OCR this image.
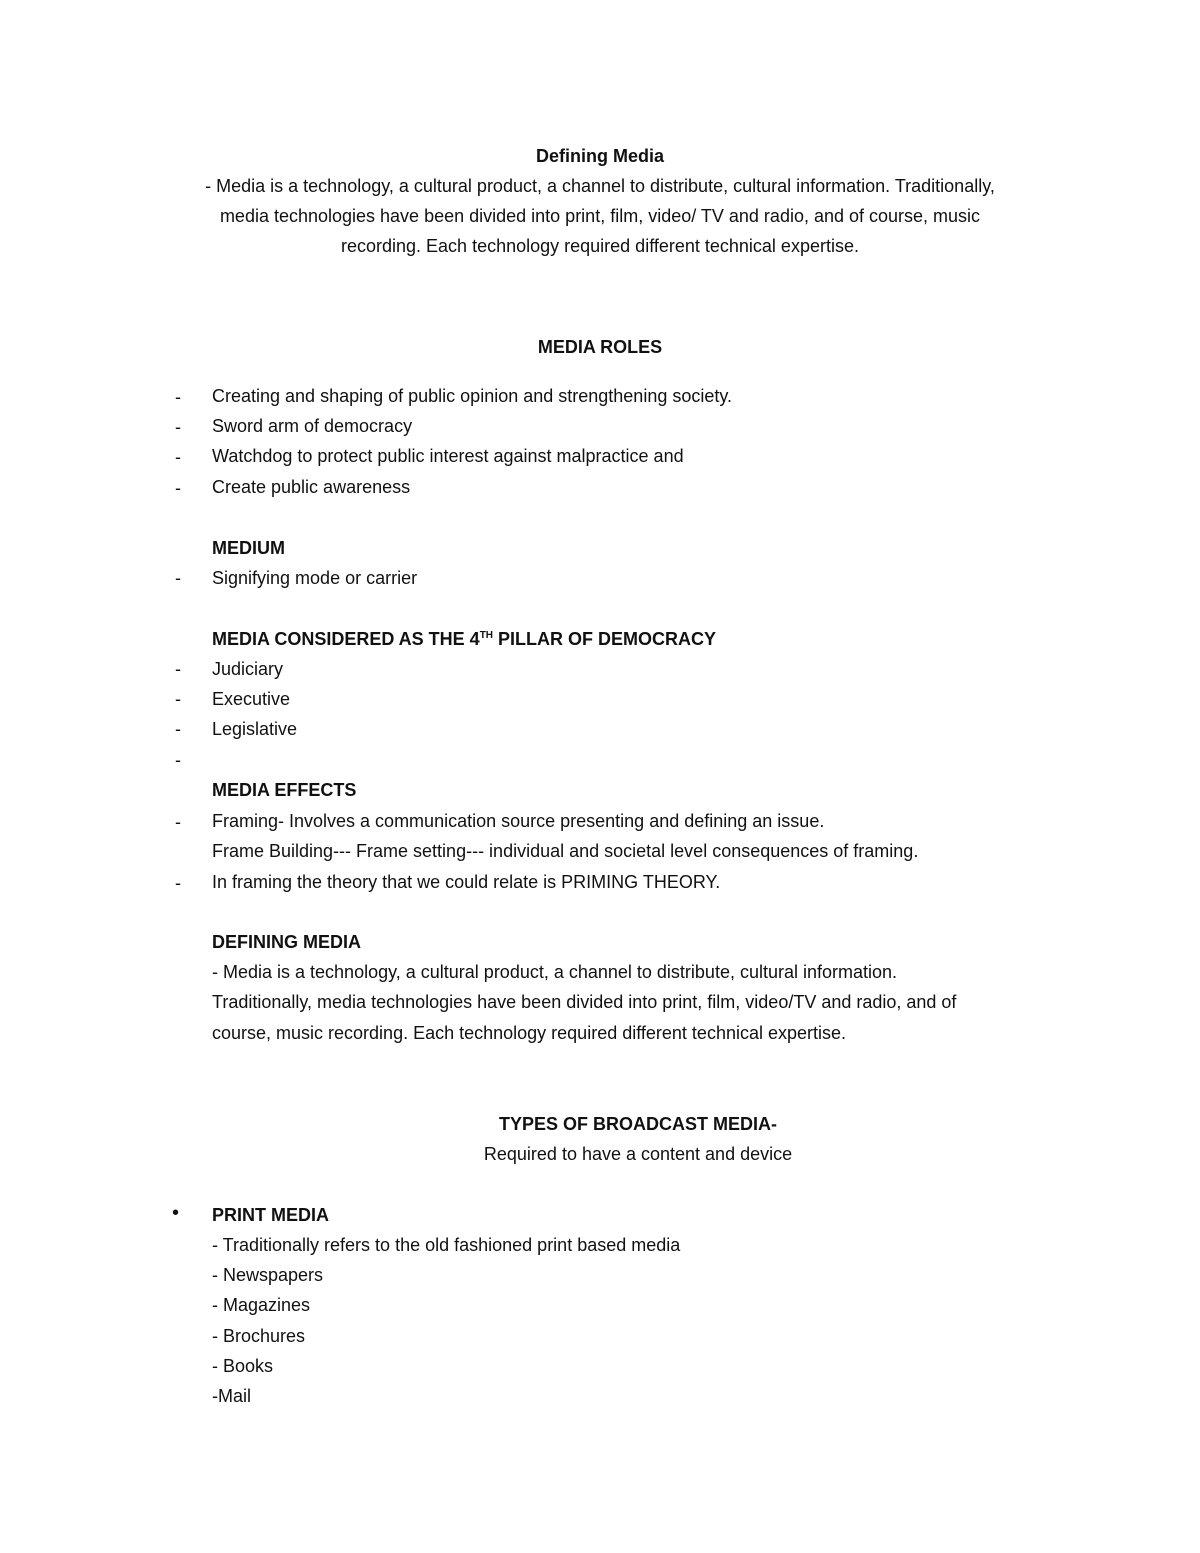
Defining Media
- Media is a technology, a cultural product, a channel to distribute, cultural information. Traditionally,
media technologies have been divided into print, film, video/ TV and radio, and of course, music
recording. Each technology required different technical expertise.
MEDIA ROLES
- Creating and shaping of public opinion and strengthening society.
- Sword arm of democracy
- Watchdog to protect public interest against malpractice and
- Create public awareness
MEDIUM
- Signifying mode or carrier
MEDIA CONSIDERED AS THE 4TH PILLAR OF DEMOCRACY
- Judiciary
- Executive
- Legislative
-
MEDIA EFFECTS
- Framing- Involves a communication source presenting and defining an issue.
Frame Building--- Frame setting--- individual and societal level consequences of framing.
- In framing the theory that we could relate is PRIMING THEORY.
DEFINING MEDIA
- Media is a technology, a cultural product, a channel to distribute, cultural information.
Traditionally, media technologies have been divided into print, film, video/TV and radio, and of
course, music recording. Each technology required different technical expertise.
TYPES OF BROADCAST MEDIA-
Required to have a content and device
• PRINT MEDIA
- Traditionally refers to the old fashioned print based media
- Newspapers
- Magazines
- Brochures
- Books
-Mail
